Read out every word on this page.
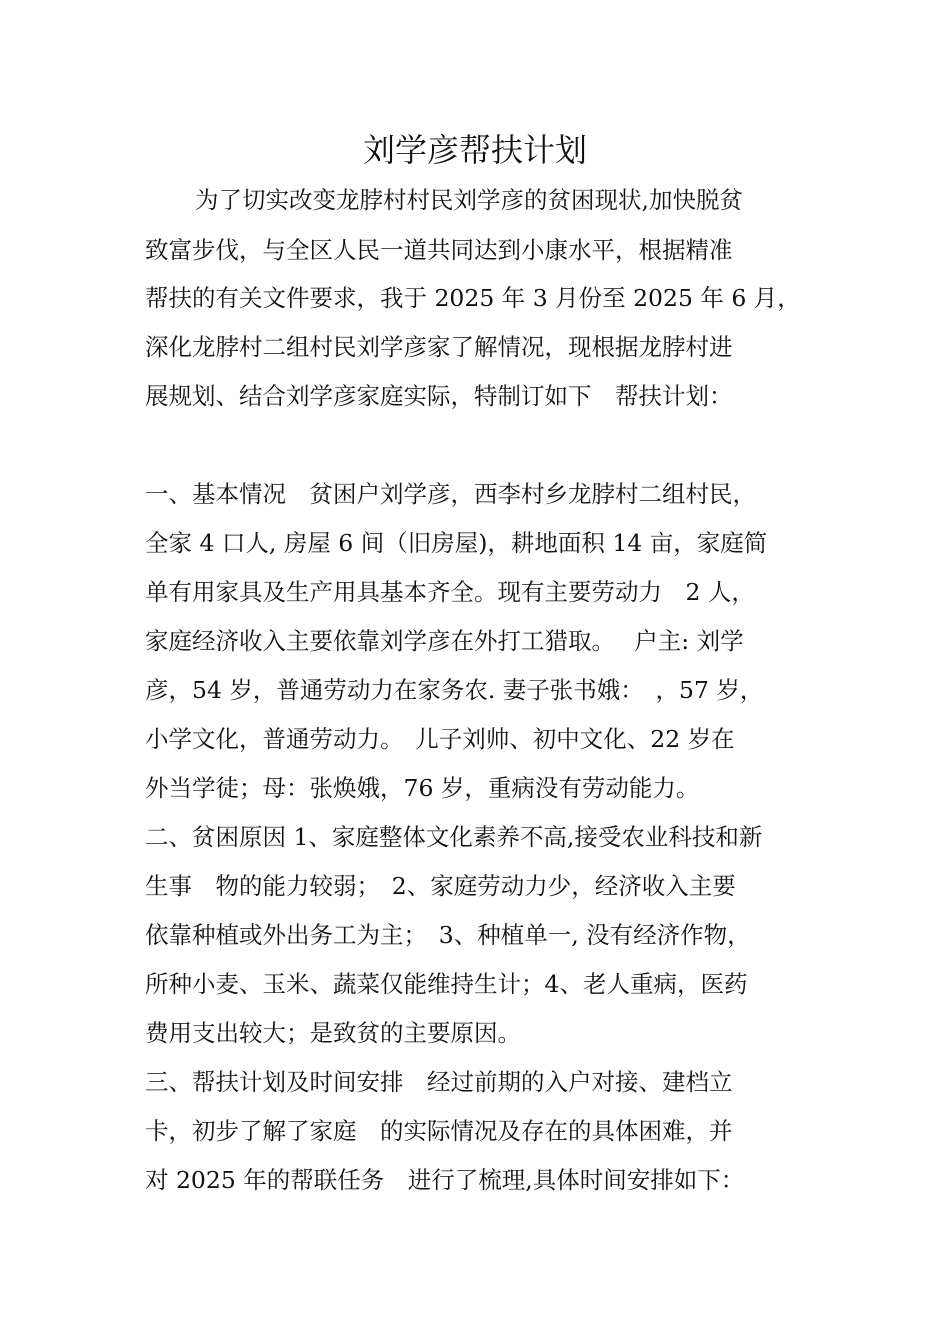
刘学彦帮扶计划

为了切实改变龙脖村村民刘学彦的贫困现状,加快脱贫

致富步伐，与全区人民一道共同达到小康水平，根据精准

帮扶的有关文件要求，我于 2025 年 3 月份至 2025 年 6 月，

深化龙脖村二组村民刘学彦家了解情况，现根据龙脖村进

展规划、结合刘学彦家庭实际，特制订如下　帮扶计划：

一、基本情况　贫困户刘学彦，西李村乡龙脖村二组村民，

全家 4 口人, 房屋 6 间（旧房屋)，耕地面积 14 亩，家庭简

单有用家具及生产用具基本齐全。现有主要劳动力　2 人，

家庭经济收入主要依靠刘学彦在外打工猎取。　 户主: 刘学

彦，54 岁，普通劳动力在家务农. 妻子张书娥：　，57 岁，

小学文化，普通劳动力。　儿子刘帅、初中文化、22 岁在

外当学徒；母：张焕娥，76 岁，重病没有劳动能力。

二、贫困原因 1、家庭整体文化素养不高,接受农业科技和新

生事　物的能力较弱；　2、家庭劳动力少，经济收入主要

依靠种植或外出务工为主；　3、种植单一, 没有经济作物，

所种小麦、玉米、蔬菜仅能维持生计；4、老人重病，医药

费用支出较大；是致贫的主要原因。

三、帮扶计划及时间安排　经过前期的入户对接、建档立

卡，初步了解了家庭　的实际情况及存在的具体困难，并

对 2025 年的帮联任务　进行了梳理,具体时间安排如下：
